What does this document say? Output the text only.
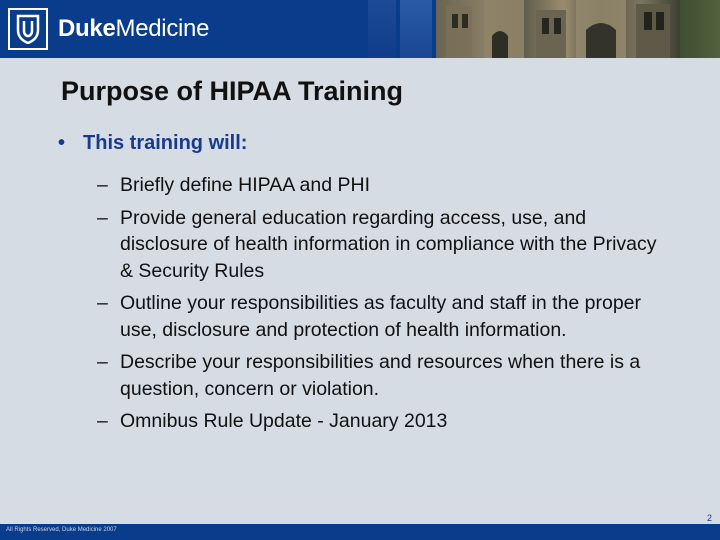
DukeMedicine
Purpose of HIPAA Training
• This training will:
– Briefly define HIPAA and PHI
– Provide general education regarding access, use, and disclosure of health information in compliance with the Privacy & Security Rules
– Outline your responsibilities as faculty and staff in the proper use, disclosure and protection of health information.
– Describe your responsibilities and resources when there is a question, concern or violation.
– Omnibus Rule Update - January 2013
2
All Rights Reserved, Duke Medicine 2007
